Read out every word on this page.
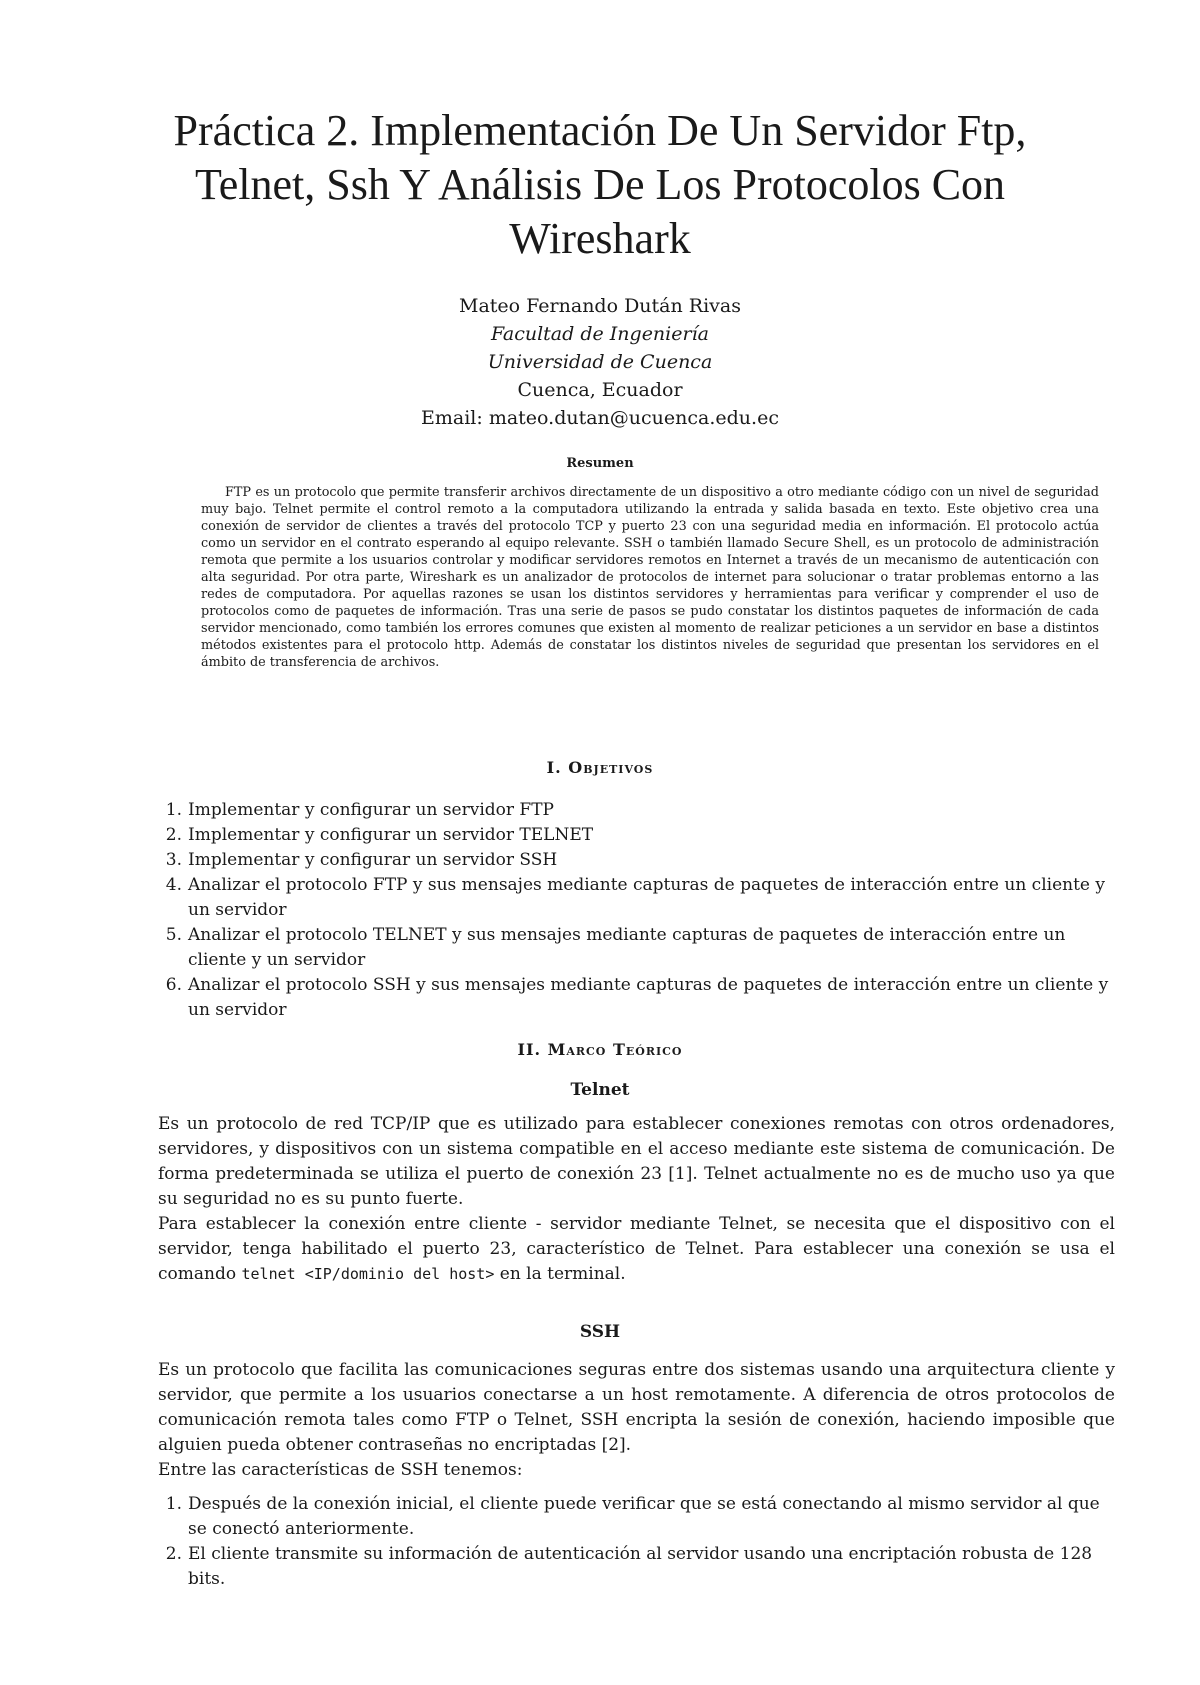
Práctica 2. Implementación De Un Servidor Ftp, Telnet, Ssh Y Análisis De Los Protocolos Con Wireshark
Mateo Fernando Dután Rivas
Facultad de Ingeniería
Universidad de Cuenca
Cuenca, Ecuador
Email: mateo.dutan@ucuenca.edu.ec
Resumen

FTP es un protocolo que permite transferir archivos directamente de un dispositivo a otro mediante código con un nivel de seguridad muy bajo. Telnet permite el control remoto a la computadora utilizando la entrada y salida basada en texto. Este objetivo crea una conexión de servidor de clientes a través del protocolo TCP y puerto 23 con una seguridad media en información. El protocolo actúa como un servidor en el contrato esperando al equipo relevante. SSH o también llamado Secure Shell, es un protocolo de administración remota que permite a los usuarios controlar y modificar servidores remotos en Internet a través de un mecanismo de autenticación con alta seguridad. Por otra parte, Wireshark es un analizador de protocolos de internet para solucionar o tratar problemas entorno a las redes de computadora. Por aquellas razones se usan los distintos servidores y herramientas para verificar y comprender el uso de protocolos como de paquetes de información. Tras una serie de pasos se pudo constatar los distintos paquetes de información de cada servidor mencionado, como también los errores comunes que existen al momento de realizar peticiones a un servidor en base a distintos métodos existentes para el protocolo http. Además de constatar los distintos niveles de seguridad que presentan los servidores en el ámbito de transferencia de archivos.

I. Objetivos
1. Implementar y configurar un servidor FTP
2. Implementar y configurar un servidor TELNET
3. Implementar y configurar un servidor SSH
4. Analizar el protocolo FTP y sus mensajes mediante capturas de paquetes de interacción entre un cliente y un servidor
5. Analizar el protocolo TELNET y sus mensajes mediante capturas de paquetes de interacción entre un cliente y un servidor
6. Analizar el protocolo SSH y sus mensajes mediante capturas de paquetes de interacción entre un cliente y un servidor
II. Marco Teórico
Telnet
Es un protocolo de red TCP/IP que es utilizado para establecer conexiones remotas con otros ordenadores, servidores, y dispositivos con un sistema compatible en el acceso mediante este sistema de comunicación. De forma predeterminada se utiliza el puerto de conexión 23 [1]. Telnet actualmente no es de mucho uso ya que su seguridad no es su punto fuerte.
Para establecer la conexión entre cliente - servidor mediante Telnet, se necesita que el dispositivo con el servidor, tenga habilitado el puerto 23, característico de Telnet. Para establecer una conexión se usa el comando telnet <IP/dominio del host> en la terminal.
SSH
Es un protocolo que facilita las comunicaciones seguras entre dos sistemas usando una arquitectura cliente y servidor, que permite a los usuarios conectarse a un host remotamente. A diferencia de otros protocolos de comunicación remota tales como FTP o Telnet, SSH encripta la sesión de conexión, haciendo imposible que alguien pueda obtener contraseñas no encriptadas [2].
Entre las características de SSH tenemos:
1. Después de la conexión inicial, el cliente puede verificar que se está conectando al mismo servidor al que se conectó anteriormente.
2. El cliente transmite su información de autenticación al servidor usando una encriptación robusta de 128 bits.
